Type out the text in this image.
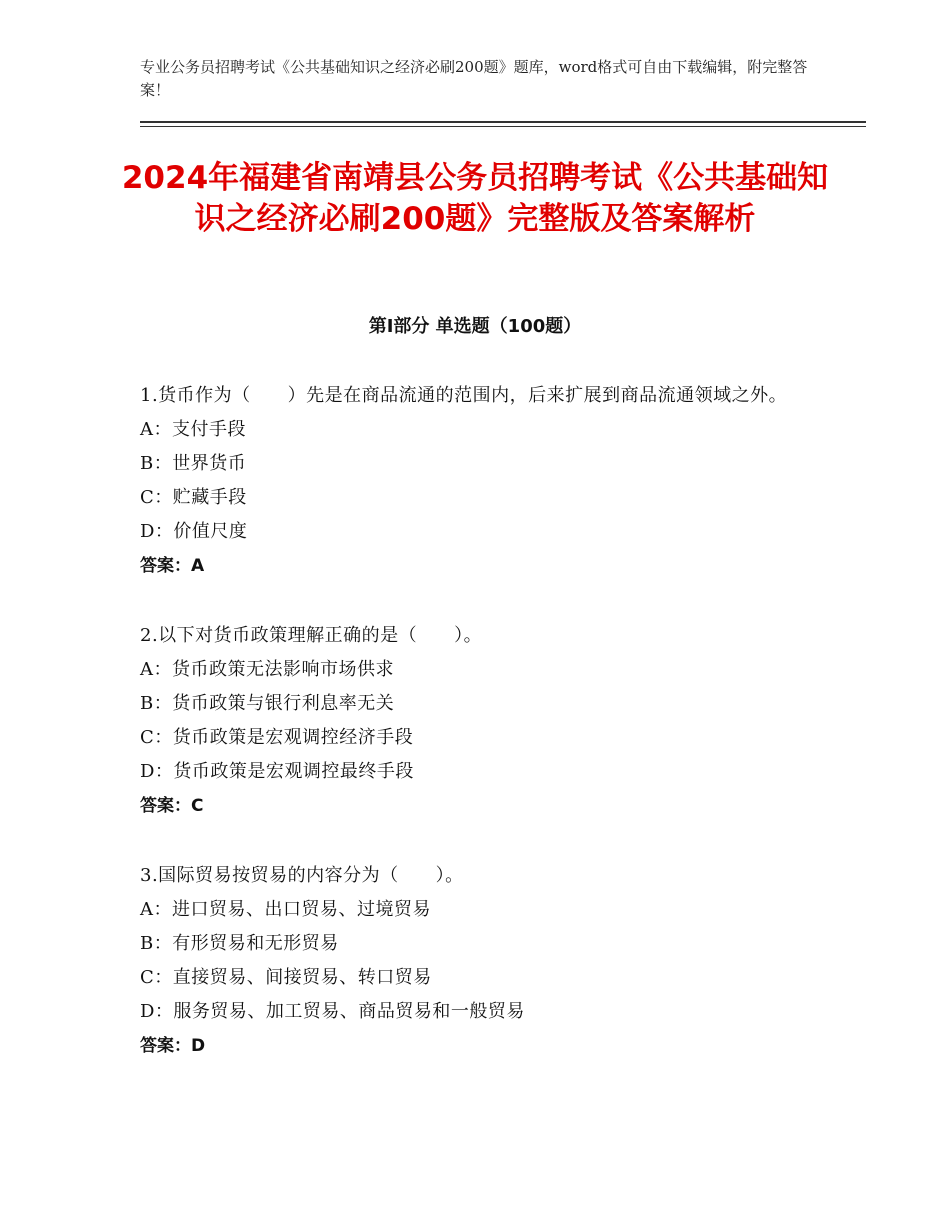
专业公务员招聘考试《公共基础知识之经济必刷200题》题库，word格式可自由下载编辑，附完整答案！
2024年福建省南靖县公务员招聘考试《公共基础知识之经济必刷200题》完整版及答案解析
第Ⅰ部分 单选题（100题）
1.货币作为（　　）先是在商品流通的范围内，后来扩展到商品流通领域之外。
A：支付手段
B：世界货币
C：贮藏手段
D：价值尺度
答案：A
2.以下对货币政策理解正确的是（　　）。
A：货币政策无法影响市场供求
B：货币政策与银行利息率无关
C：货币政策是宏观调控经济手段
D：货币政策是宏观调控最终手段
答案：C
3.国际贸易按贸易的内容分为（　　）。
A：进口贸易、出口贸易、过境贸易
B：有形贸易和无形贸易
C：直接贸易、间接贸易、转口贸易
D：服务贸易、加工贸易、商品贸易和一般贸易
答案：D
